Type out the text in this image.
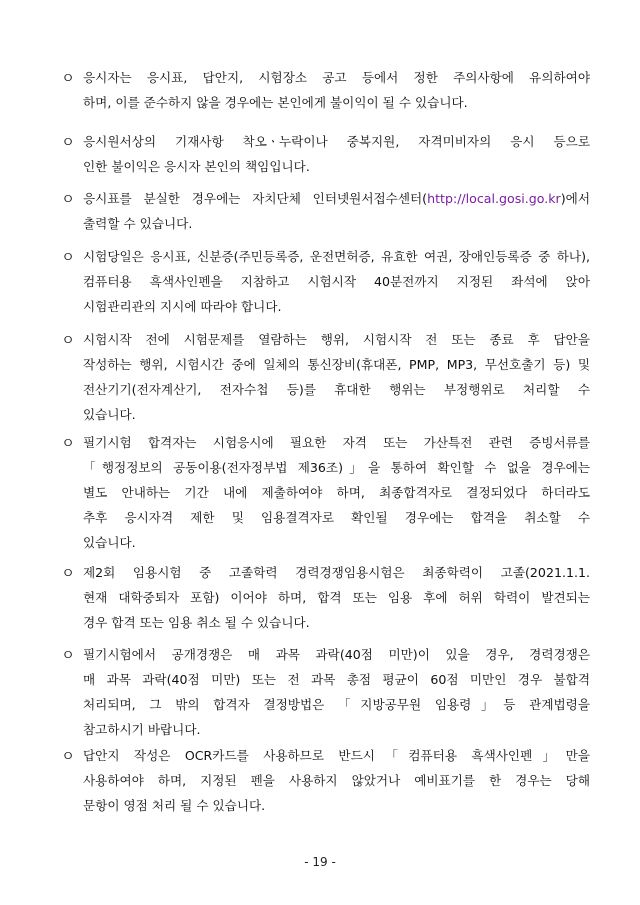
ㅇ 응시자는 응시표, 답안지, 시험장소 공고 등에서 정한 주의사항에 유의하여야
하며, 이를 준수하지 않을 경우에는 본인에게 불이익이 될 수 있습니다.
ㅇ 응시원서상의 기재사항 착오ㆍ누락이나 중복지원, 자격미비자의 응시 등으로
인한 불이익은 응시자 본인의 책임입니다.
ㅇ 응시표를 분실한 경우에는 자치단체 인터넷원서접수센터(http://local.gosi.go.kr)에서
출력할 수 있습니다.
ㅇ 시험당일은 응시표, 신분증(주민등록증, 운전면허증, 유효한 여권, 장애인등록증 중 하나),
컴퓨터용 흑색사인펜을 지참하고 시험시작 40분전까지 지정된 좌석에 앉아
시험관리관의 지시에 따라야 합니다.
ㅇ 시험시작 전에 시험문제를 열람하는 행위, 시험시작 전 또는 종료 후 답안을
작성하는 행위, 시험시간 중에 일체의 통신장비(휴대폰, PMP, MP3, 무선호출기 등) 및
전산기기(전자계산기, 전자수첩 등)를 휴대한 행위는 부정행위로 처리할 수
있습니다.
ㅇ 필기시험 합격자는 시험응시에 필요한 자격 또는 가산특전 관련 증빙서류를
「행정정보의 공동이용(전자정부법 제36조)」을 통하여 확인할 수 없을 경우에는
별도 안내하는 기간 내에 제출하여야 하며, 최종합격자로 결정되었다 하더라도
추후 응시자격 제한 및 임용결격자로 확인될 경우에는 합격을 취소할 수
있습니다.
ㅇ 제2회 임용시험 중 고졸학력 경력경쟁임용시험은 최종학력이 고졸(2021.1.1.
현재 대학중퇴자 포함) 이어야 하며, 합격 또는 임용 후에 허위 학력이 발견되는
경우 합격 또는 임용 취소 될 수 있습니다.
ㅇ 필기시험에서 공개경쟁은 매 과목 과락(40점 미만)이 있을 경우, 경력경쟁은
매 과목 과락(40점 미만) 또는 전 과목 총점 평균이 60점 미만인 경우 불합격
처리되며, 그 밖의 합격자 결정방법은 「지방공무원 임용령」등 관계법령을
참고하시기 바랍니다.
ㅇ 답안지 작성은 OCR카드를 사용하므로 반드시「컴퓨터용 흑색사인펜」만을
사용하여야 하며, 지정된 펜을 사용하지 않았거나 예비표기를 한 경우는 당해
문항이 영점 처리 될 수 있습니다.
- 19 -
